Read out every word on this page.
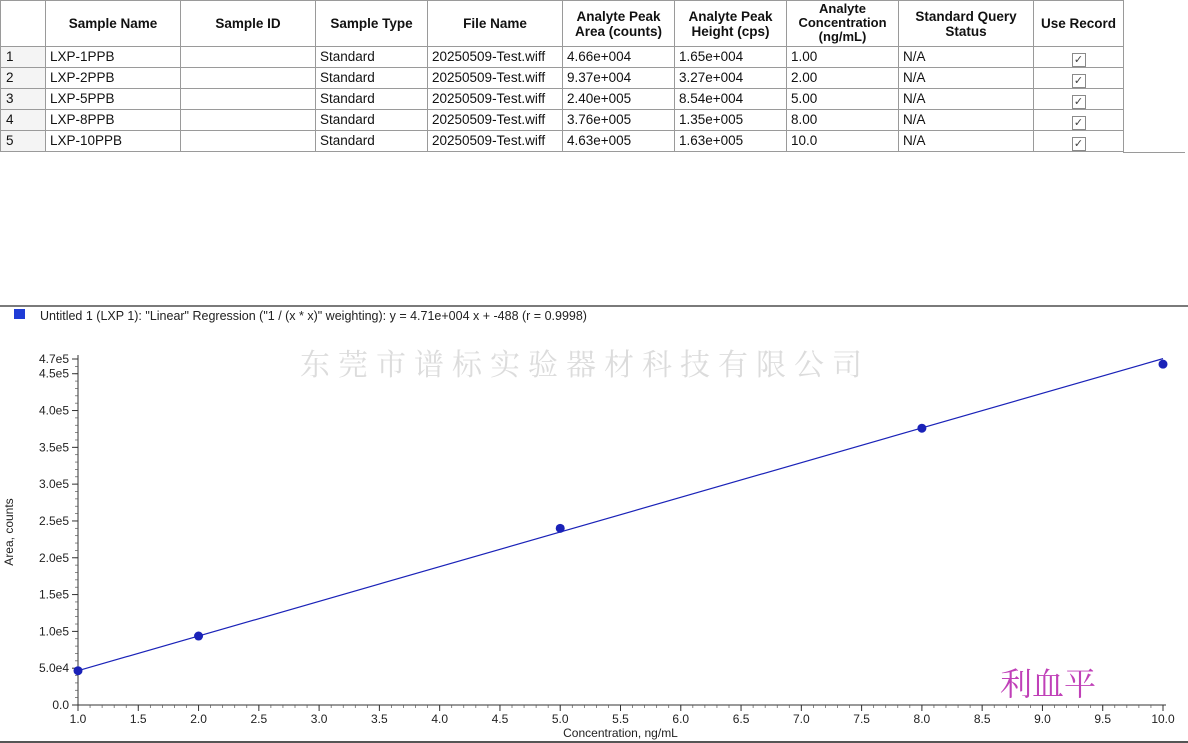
	Sample Name	Sample ID	Sample Type	File Name	Analyte Peak Area (counts)	Analyte Peak Height (cps)	Analyte Concentration (ng/mL)	Standard Query Status	Use Record
1	LXP-1PPB		Standard	20250509-Test.wiff	4.66e+004	1.65e+004	1.00	N/A	✓
2	LXP-2PPB		Standard	20250509-Test.wiff	9.37e+004	3.27e+004	2.00	N/A	✓
3	LXP-5PPB		Standard	20250509-Test.wiff	2.40e+005	8.54e+004	5.00	N/A	✓
4	LXP-8PPB		Standard	20250509-Test.wiff	3.76e+005	1.35e+005	8.00	N/A	✓
5	LXP-10PPB		Standard	20250509-Test.wiff	4.63e+005	1.63e+005	10.0	N/A	✓
1.0	1.5	2.0	2.5	3.0	3.5	4.0	4.5	5.0	5.5	6.0	6.5	7.0	7.5	8.0	8.5	9.0	9.5	10.0
0.0
5.0e4
1.0e5
1.5e5
2.0e5
2.5e5
3.0e5
3.5e5
4.0e5
4.5e5
4.7e5
Concentration, ng/mL
Area, counts
Untitled 1 (LXP 1): "Linear" Regression ("1 / (x * x)" weighting): y = 4.71e+004 x + -488 (r = 0.9998)
东莞市谱标实验器材科技有限公司
利血平
